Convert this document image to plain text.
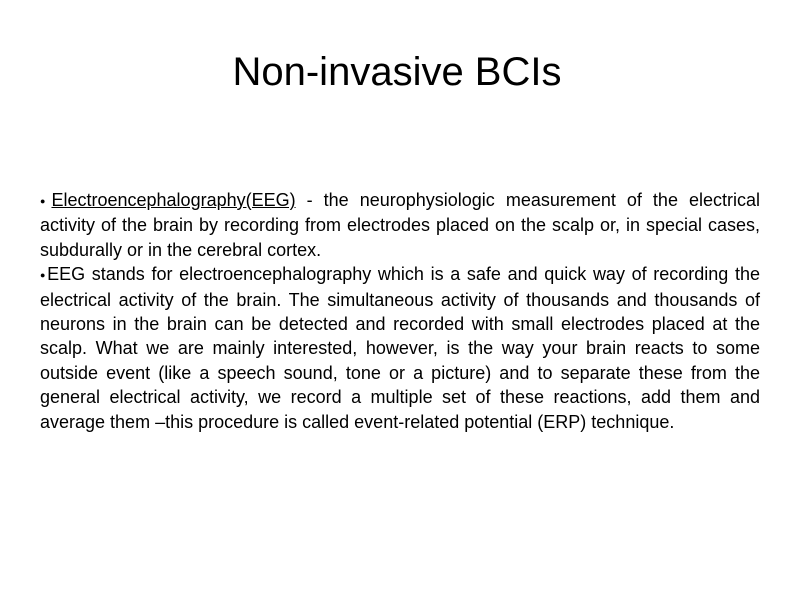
Non-invasive BCIs

●Electroencephalography(EEG) - the neurophysiologic measurement of the electrical activity of the brain by recording from electrodes placed on the scalp or, in special cases, subdurally or in the cerebral cortex.

●EEG stands for electroencephalography which is a safe and quick way of recording the electrical activity of the brain. The simultaneous activity of thousands and thousands of neurons in the brain can be detected and recorded with small electrodes placed at the scalp. What we are mainly interested, however, is the way your brain reacts to some outside event (like a speech sound, tone or a picture) and to separate these from the general electrical activity, we record a multiple set of these reactions, add them and average them –this procedure is called event-related potential (ERP) technique.
